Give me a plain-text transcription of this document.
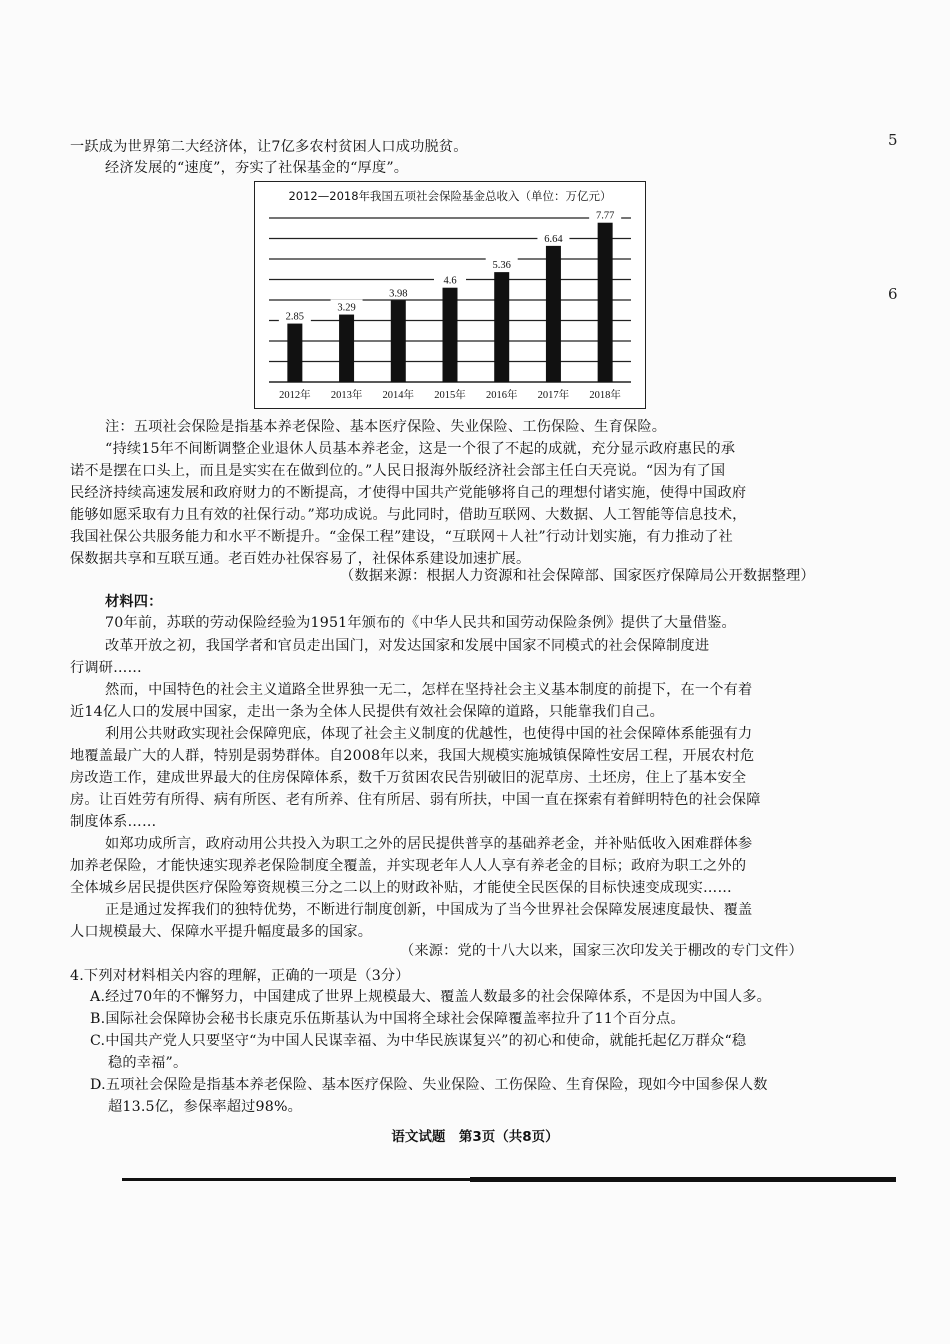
一跃成为世界第二大经济体，让7亿多农村贫困人口成功脱贫。
经济发展的“速度”，夯实了社保基金的“厚度”。
2012—2018年我国五项社会保险基金总收入（单位：万亿元）
2.85
2012年
3.29
2013年
3.98
2014年
4.6
2015年
5.36
2016年
6.64
2017年
7.77
2018年
注：五项社会保险是指基本养老保险、基本医疗保险、失业保险、工伤保险、生育保险。
“持续15年不间断调整企业退休人员基本养老金，这是一个很了不起的成就，充分显示政府惠民的承
诺不是摆在口头上，而且是实实在在做到位的。”人民日报海外版经济社会部主任白天亮说。“因为有了国
民经济持续高速发展和政府财力的不断提高，才使得中国共产党能够将自己的理想付诸实施，使得中国政府
能够如愿采取有力且有效的社保行动。”郑功成说。与此同时，借助互联网、大数据、人工智能等信息技术，
我国社保公共服务能力和水平不断提升。“金保工程”建设，“互联网＋人社”行动计划实施，有力推动了社
保数据共享和互联互通。老百姓办社保容易了，社保体系建设加速扩展。
（数据来源：根据人力资源和社会保障部、国家医疗保障局公开数据整理）
材料四：
70年前，苏联的劳动保险经验为1951年颁布的《中华人民共和国劳动保险条例》提供了大量借鉴。
改革开放之初，我国学者和官员走出国门，对发达国家和发展中国家不同模式的社会保障制度进
行调研……
然而，中国特色的社会主义道路全世界独一无二，怎样在坚持社会主义基本制度的前提下，在一个有着
近14亿人口的发展中国家，走出一条为全体人民提供有效社会保障的道路，只能靠我们自己。
利用公共财政实现社会保障兜底，体现了社会主义制度的优越性，也使得中国的社会保障体系能强有力
地覆盖最广大的人群，特别是弱势群体。自2008年以来，我国大规模实施城镇保障性安居工程，开展农村危
房改造工作，建成世界最大的住房保障体系，数千万贫困农民告别破旧的泥草房、土坯房，住上了基本安全
房。让百姓劳有所得、病有所医、老有所养、住有所居、弱有所扶，中国一直在探索有着鲜明特色的社会保障
制度体系……
如郑功成所言，政府动用公共投入为职工之外的居民提供普享的基础养老金，并补贴低收入困难群体参
加养老保险，才能快速实现养老保险制度全覆盖，并实现老年人人人享有养老金的目标；政府为职工之外的
全体城乡居民提供医疗保险筹资规模三分之二以上的财政补贴，才能使全民医保的目标快速变成现实……
正是通过发挥我们的独特优势，不断进行制度创新，中国成为了当今世界社会保障发展速度最快、覆盖
人口规模最大、保障水平提升幅度最多的国家。
（来源：党的十八大以来，国家三次印发关于棚改的专门文件）
4.下列对材料相关内容的理解，正确的一项是（3分）
A.经过70年的不懈努力，中国建成了世界上规模最大、覆盖人数最多的社会保障体系，不是因为中国人多。
B.国际社会保障协会秘书长康克乐伍斯基认为中国将全球社会保障覆盖率拉升了11个百分点。
C.中国共产党人只要坚守“为中国人民谋幸福、为中华民族谋复兴”的初心和使命，就能托起亿万群众“稳
稳的幸福”。
D.五项社会保险是指基本养老保险、基本医疗保险、失业保险、工伤保险、生育保险，现如今中国参保人数
超13.5亿，参保率超过98%。
语文试题　第3页（共8页）
5
6
